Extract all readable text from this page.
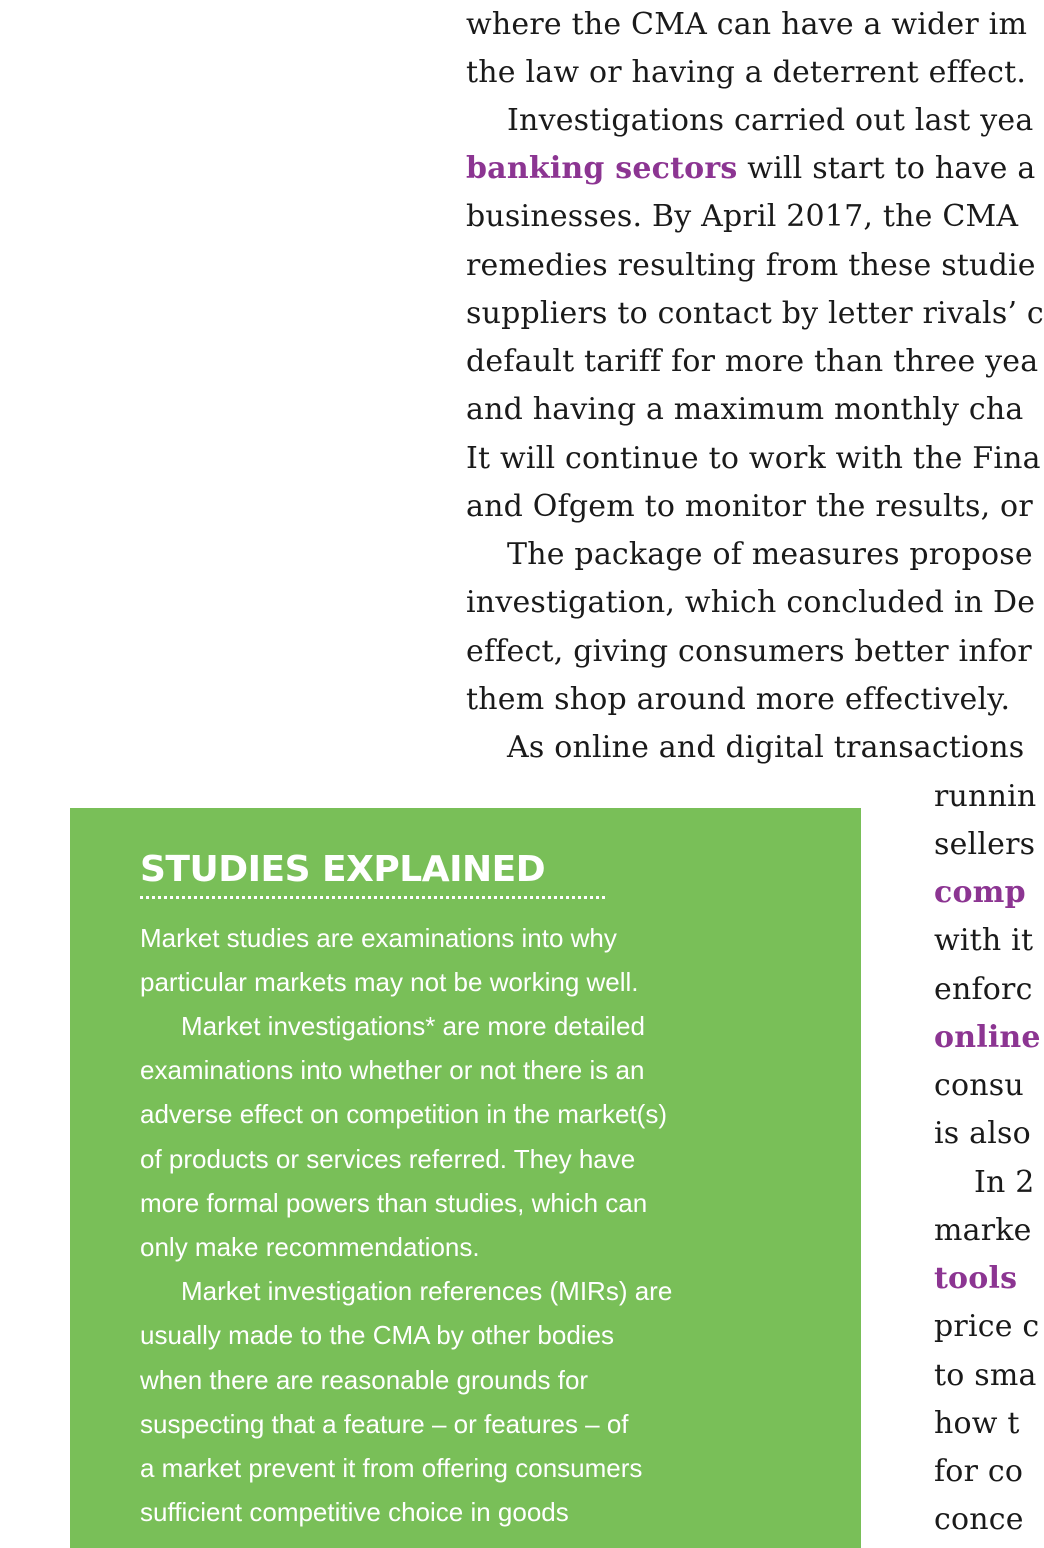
where the CMA can have a wider im
the law or having a deterrent effect.
Investigations carried out last yea
banking sectors will start to have a
businesses. By April 2017, the CMA
remedies resulting from these studie
suppliers to contact by letter rivals’ c
default tariff for more than three yea
and having a maximum monthly cha
It will continue to work with the Fina
and Ofgem to monitor the results, or
The package of measures propose
investigation, which concluded in De
effect, giving consumers better infor
them shop around more effectively.
As online and digital transactions
runnin
sellers
comp
with it
enforc
online
consu
is also
In 2
marke
tools
price c
to sma
how t
for co
conce
STUDIES EXPLAINED
Market studies are examinations into why
particular markets may not be working well.
Market investigations* are more detailed
examinations into whether or not there is an
adverse effect on competition in the market(s)
of products or services referred. They have
more formal powers than studies, which can
only make recommendations.
Market investigation references (MIRs) are
usually made to the CMA by other bodies
when there are reasonable grounds for
suspecting that a feature – or features – of
a market prevent it from offering consumers
sufficient competitive choice in goods
